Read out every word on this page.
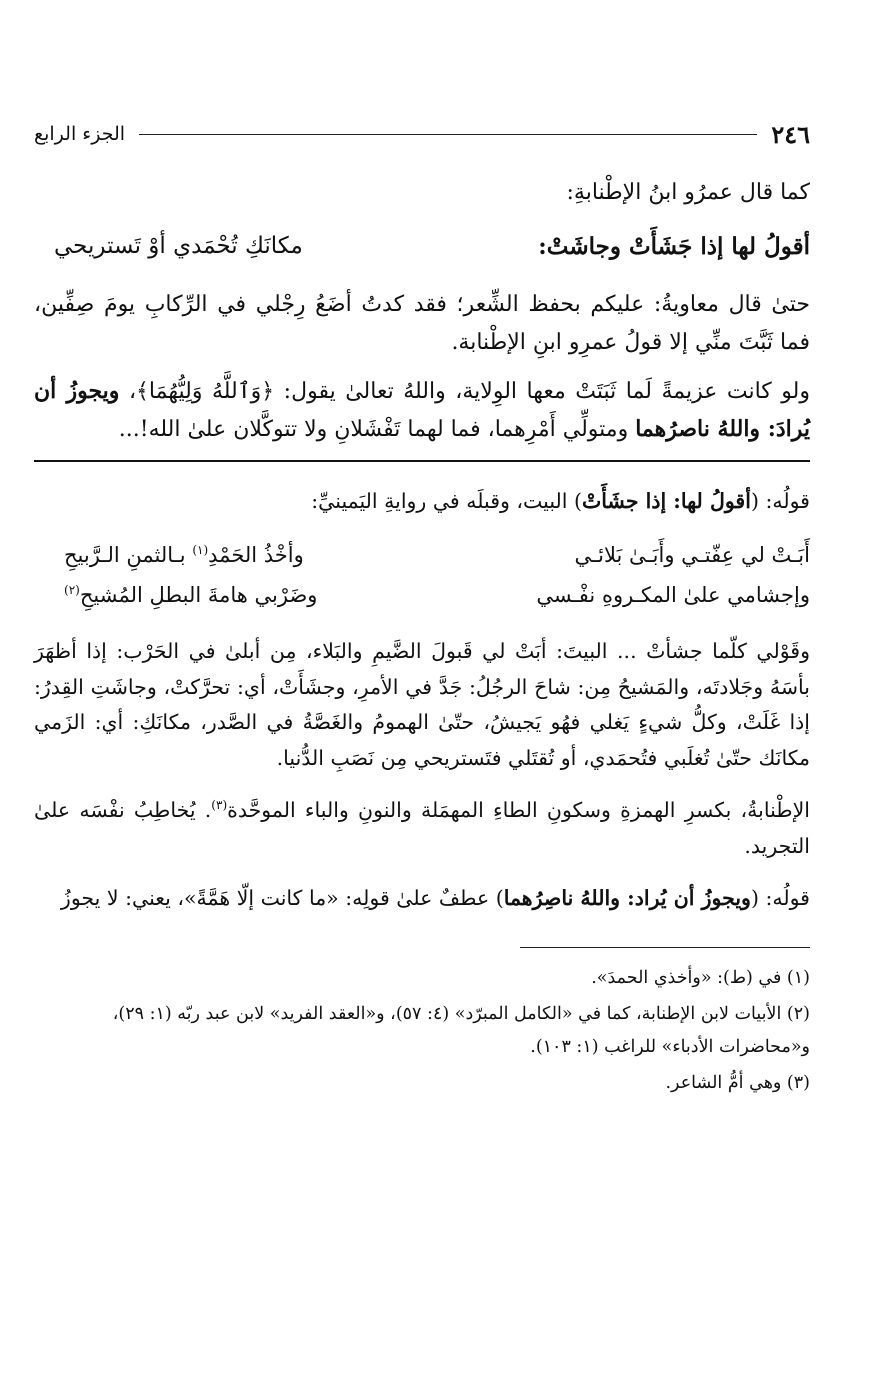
٢٤٦
الجزء الرابع

كما قال عمرُو ابنُ الإطْنابةِ:

أقولُ لها إذا جَشَأَتْ وجاشَتْ:
مكانَكِ تُحْمَدي أوْ تَستريحي

حتىٰ قال معاويةُ: عليكم بحفظ الشِّعر؛ فقد كدتُ أضَعُ رِجْلي في الرِّكابِ يومَ صِفِّين، فما ثَبَّتَ منِّي إلا قولُ عمرِو ابنِ الإطْنابة.

ولو كانت عزيمةً لَما ثَبَتَتْ معها الوِلاية، واللهُ تعالىٰ يقول: ﴿وَٱللَّهُ وَلِيُّهُمَا﴾، ويجوزُ أن يُرادَ: واللهُ ناصرُهما ومتولِّي أَمْرِهما، فما لهما تَفْشَلانِ ولا تتوكَّلان علىٰ الله!...

قولُه: (أقولُ لها: إذا جشَأَتْ) البيت، وقبلَه في روايةِ اليَمينيِّ:

أَبَـتْ لي عِفّتـي وأَبَـىٰ بَلائـي
وأخْذُ الحَمْدِ$^{(١)}$ بـالثمنِ الـرَّبيحِ
وإجشامي علىٰ المكـروهِ نفْـسي
وضَرْبي هامةَ البطلِ المُشيحِ$^{(٢)}$

وقَوْلي كلّما جشأتْ ... البيتَ: أبَتْ لي قَبولَ الضَّيمِ والبَلاء، مِن أبلىٰ في الحَرْب: إذا أظهَرَ بأسَهُ وجَلادتَه، والمَشيحُ مِن: شاحَ الرجُلُ: جَدَّ في الأمرِ، وجشَأَتْ، أي: تحرَّكتْ، وجاشَتِ القِدرُ: إذا غَلَتْ، وكلُّ شيءٍ يَغلي فهُو يَجيشُ، حتّىٰ الهمومُ والغَصَّةُ في الصَّدر، مكانَكِ: أي: الزَمي مكانَك حتّىٰ تُغلَبي فتُحمَدي، أو تُقتَلي فتَستريحي مِن نَصَبِ الدُّنيا.

الإطْنابةُ، بكسرِ الهمزةِ وسكونِ الطاءِ المهمَلة والنونِ والباء الموحَّدة$^{(٣)}$. يُخاطِبُ نفْسَه علىٰ التجريد.

قولُه: (ويجوزُ أن يُراد: واللهُ ناصِرُهما) عطفٌ علىٰ قولِه: «ما كانت إلّا هَمَّةً»، يعني: لا يجوزُ

(١) في (ط): «وأخذي الحمدَ».

(٢) الأبيات لابن الإطنابة، كما في «الكامل المبرّد» (٤: ٥٧)، و«العقد الفريد» لابن عبد ربّه (١: ٢٩)، و«محاضرات الأدباء» للراغب (١: ١٠٣).

(٣) وهي أمُّ الشاعر.
